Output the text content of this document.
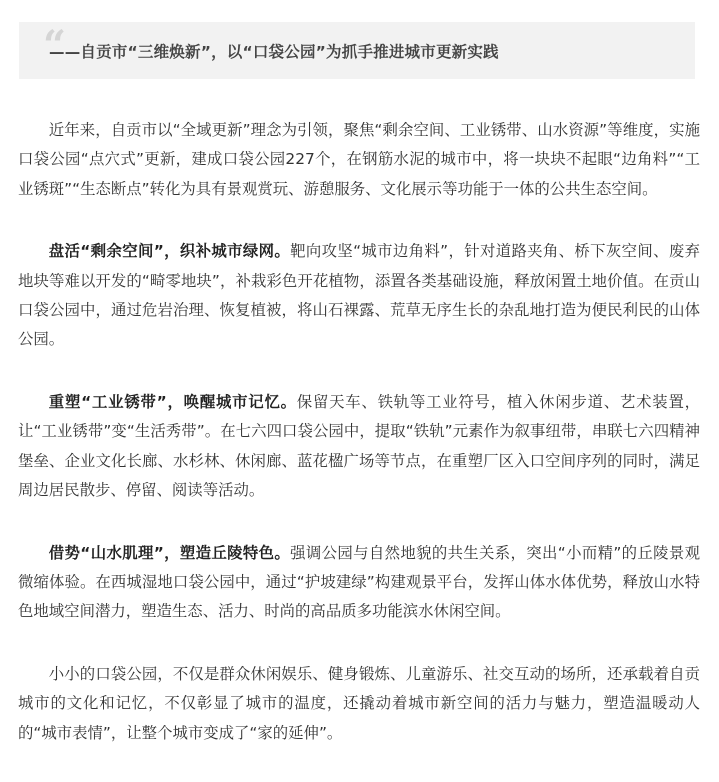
“
——自贡市“三维焕新”，以“口袋公园”为抓手推进城市更新实践

近年来，自贡市以“全域更新”理念为引领，聚焦“剩余空间、工业锈带、山水资源”等维度，实施口袋公园“点穴式”更新，建成口袋公园227个，在钢筋水泥的城市中，将一块块不起眼“边角料”“工业锈斑”“生态断点”转化为具有景观赏玩、游憩服务、文化展示等功能于一体的公共生态空间。

盘活“剩余空间”，织补城市绿网。靶向攻坚“城市边角料”，针对道路夹角、桥下灰空间、废弃地块等难以开发的“畸零地块”，补栽彩色开花植物，添置各类基础设施，释放闲置土地价值。在贡山口袋公园中，通过危岩治理、恢复植被，将山石裸露、荒草无序生长的杂乱地打造为便民利民的山体公园。

重塑“工业锈带”，唤醒城市记忆。保留天车、铁轨等工业符号，植入休闲步道、艺术装置，让“工业锈带”变“生活秀带”。在七六四口袋公园中，提取“铁轨”元素作为叙事纽带，串联七六四精神堡垒、企业文化长廊、水杉林、休闲廊、蓝花楹广场等节点，在重塑厂区入口空间序列的同时，满足周边居民散步、停留、阅读等活动。

借势“山水肌理”，塑造丘陵特色。强调公园与自然地貌的共生关系，突出“小而精”的丘陵景观微缩体验。在西城湿地口袋公园中，通过“护坡建绿”构建观景平台，发挥山体水体优势，释放山水特色地域空间潜力，塑造生态、活力、时尚的高品质多功能滨水休闲空间。

小小的口袋公园，不仅是群众休闲娱乐、健身锻炼、儿童游乐、社交互动的场所，还承载着自贡城市的文化和记忆，不仅彰显了城市的温度，还撬动着城市新空间的活力与魅力，塑造温暖动人的“城市表情”，让整个城市变成了“家的延伸”。
